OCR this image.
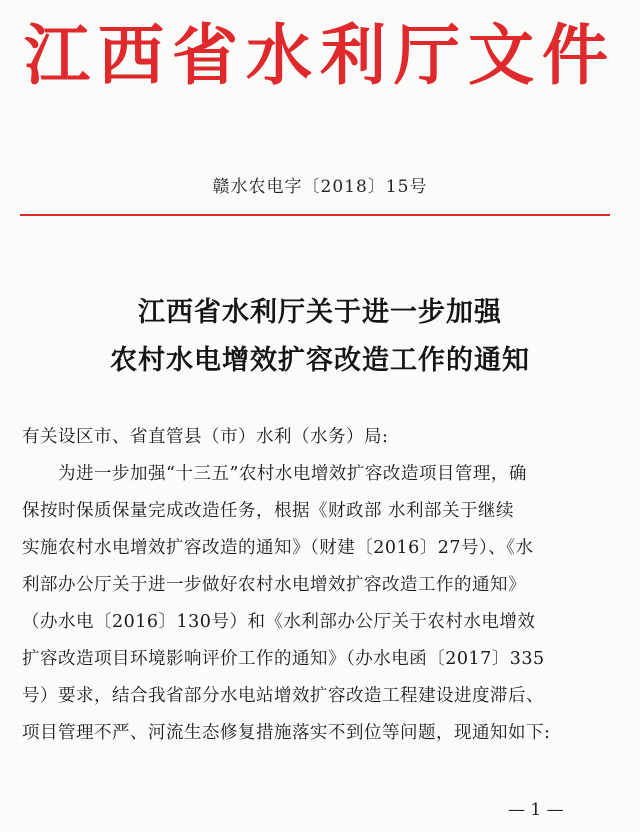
江西省水利厅文件
赣水农电字〔2018〕15号
江西省水利厅关于进一步加强
农村水电增效扩容改造工作的通知
有关设区市、省直管县（市）水利（水务）局:
为进一步加强“十三五”农村水电增效扩容改造项目管理，确
保按时保质保量完成改造任务，根据《财政部 水利部关于继续
实施农村水电增效扩容改造的通知》（财建〔2016〕27号）、《水
利部办公厅关于进一步做好农村水电增效扩容改造工作的通知》
（办水电〔2016〕130号）和《水利部办公厅关于农村水电增效
扩容改造项目环境影响评价工作的通知》（办水电函〔2017〕335
号）要求，结合我省部分水电站增效扩容改造工程建设进度滞后、
项目管理不严、河流生态修复措施落实不到位等问题，现通知如下:
— 1 —
